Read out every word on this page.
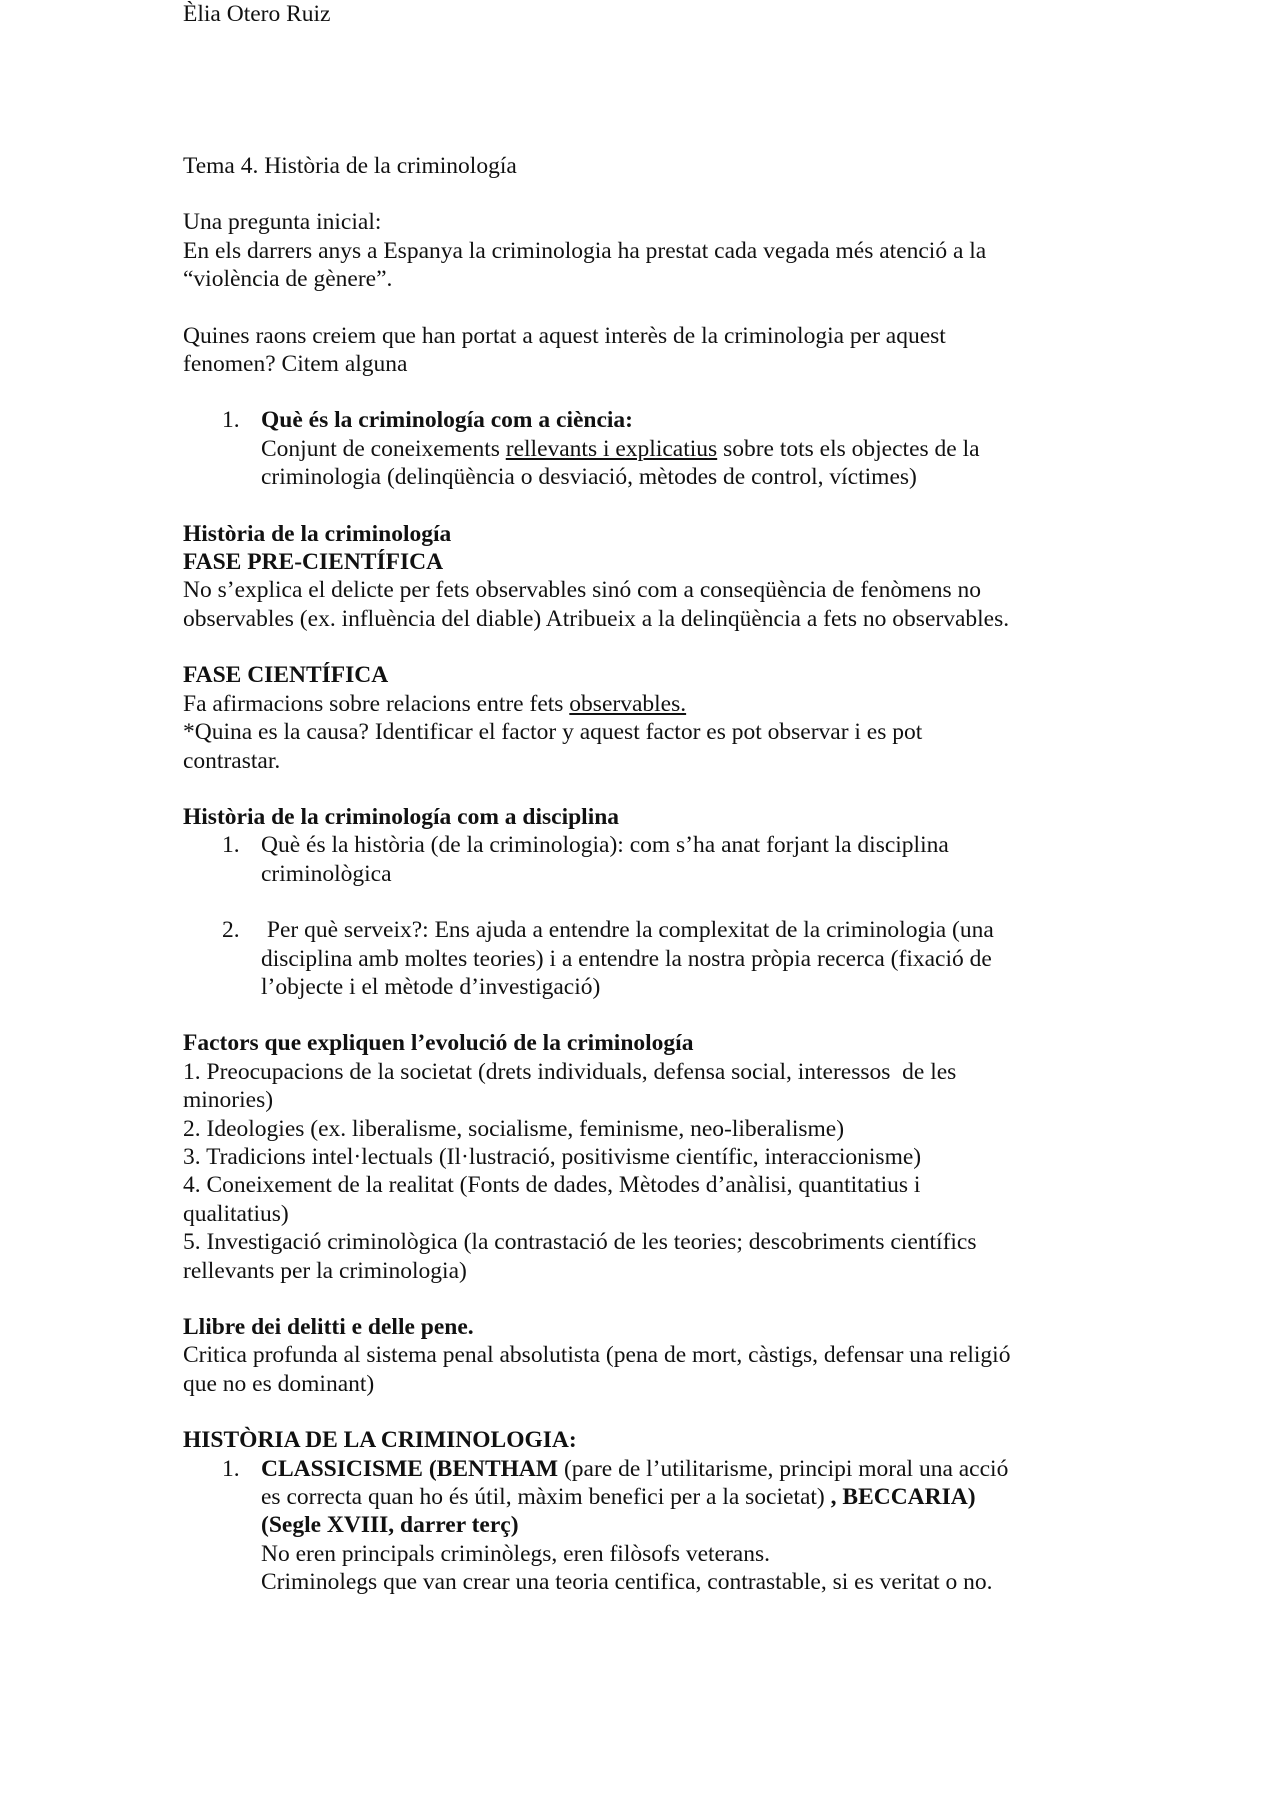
Èlia Otero Ruiz

Tema 4. Història de la criminología

Una pregunta inicial:

En els darrers anys a Espanya la criminologia ha prestat cada vegada més atenció a la

“violència de gènere”.

Quines raons creiem que han portat a aquest interès de la criminologia per aquest

fenomen? Citem alguna

1. Què és la criminología com a ciència:

Conjunt de coneixements rellevants i explicatius sobre tots els objectes de la

criminologia (delinqüència o desviació, mètodes de control, víctimes)

Història de la criminología

FASE PRE-CIENTÍFICA

No s’explica el delicte per fets observables sinó com a conseqüència de fenòmens no

observables (ex. influència del diable) Atribueix a la delinqüència a fets no observables.

FASE CIENTÍFICA

Fa afirmacions sobre relacions entre fets observables.

*Quina es la causa? Identificar el factor y aquest factor es pot observar i es pot

contrastar.

Història de la criminología com a disciplina

1. Què és la història (de la criminologia): com s’ha anat forjant la disciplina

criminològica

2. Per què serveix?: Ens ajuda a entendre la complexitat de la criminologia (una

disciplina amb moltes teories) i a entendre la nostra pròpia recerca (fixació de

l’objecte i el mètode d’investigació)

Factors que expliquen l’evolució de la criminología

1. Preocupacions de la societat (drets individuals, defensa social, interessos  de les

minories)

2. Ideologies (ex. liberalisme, socialisme, feminisme, neo-liberalisme)

3. Tradicions intel·lectuals (Il·lustració, positivisme científic, interaccionisme)

4. Coneixement de la realitat (Fonts de dades, Mètodes d’anàlisi, quantitatius i

qualitatius)

5. Investigació criminològica (la contrastació de les teories; descobriments científics

rellevants per la criminologia)

Llibre dei delitti e delle pene.

Critica profunda al sistema penal absolutista (pena de mort, càstigs, defensar una religió

que no es dominant)

HISTÒRIA DE LA CRIMINOLOGIA:

1. CLASSICISME (BENTHAM (pare de l’utilitarisme, principi moral una acció

es correcta quan ho és útil, màxim benefici per a la societat) , BECCARIA)

(Segle XVIII, darrer terç)

No eren principals criminòlegs, eren filòsofs veterans.

Criminolegs que van crear una teoria centifica, contrastable, si es veritat o no.
